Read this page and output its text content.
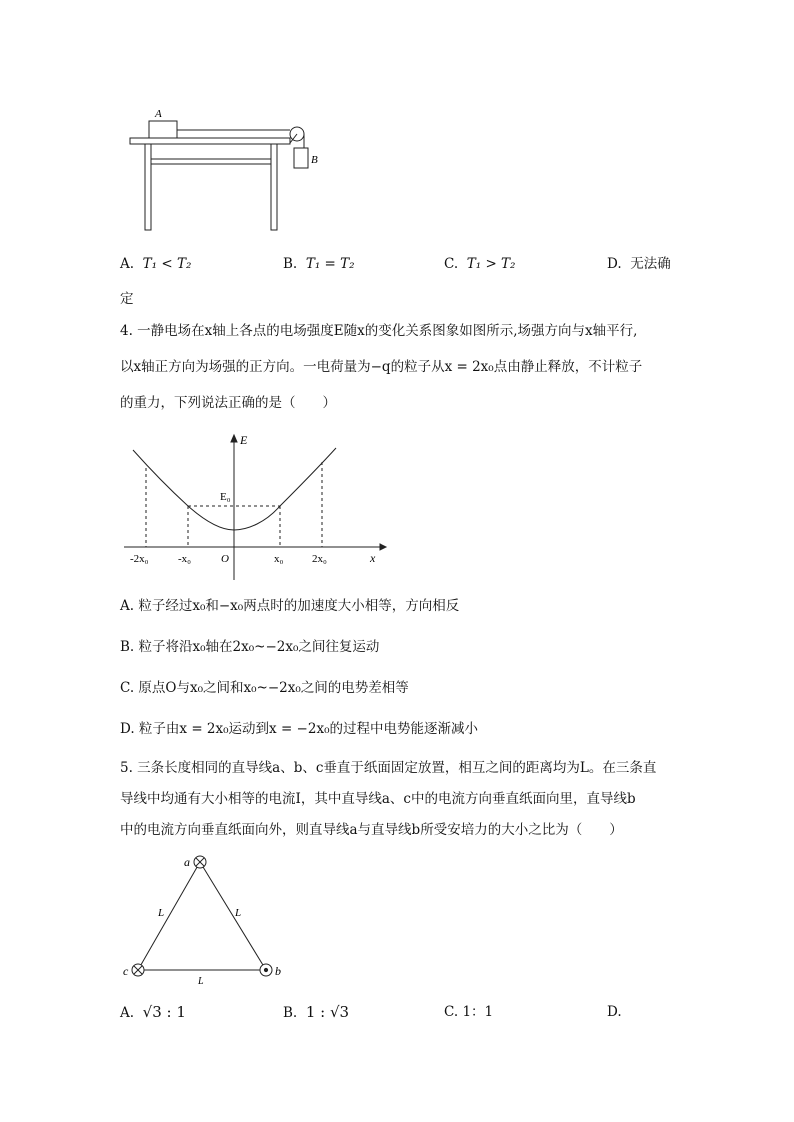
A
B
A. T₁ < T₂	B. T₁ = T₂	C. T₁ > T₂	D. 无法确
定
4. 一静电场在x轴上各点的电场强度E随x的变化关系图象如图所示,场强方向与x轴平行,
以x轴正方向为场强的正方向。一电荷量为−q的粒子从x = 2x₀点由静止释放，不计粒子
的重力，下列说法正确的是（　　）
E
E₀
-2x₀	-x₀	O	x₀	2x₀	x
A. 粒子经过x₀和−x₀两点时的加速度大小相等，方向相反
B. 粒子将沿x₀轴在2x₀~−2x₀之间往复运动
C. 原点O与x₀之间和x₀~−2x₀之间的电势差相等
D. 粒子由x = 2x₀运动到x = −2x₀的过程中电势能逐渐减小
5. 三条长度相同的直导线a、b、c垂直于纸面固定放置，相互之间的距离均为L。在三条直
导线中均通有大小相等的电流I，其中直导线a、c中的电流方向垂直纸面向里，直导线b
中的电流方向垂直纸面向外，则直导线a与直导线b所受安培力的大小之比为（　　）
a
c	b
L	L
L
A. √3 : 1	B. 1 : √3	C. 1：1	D.
